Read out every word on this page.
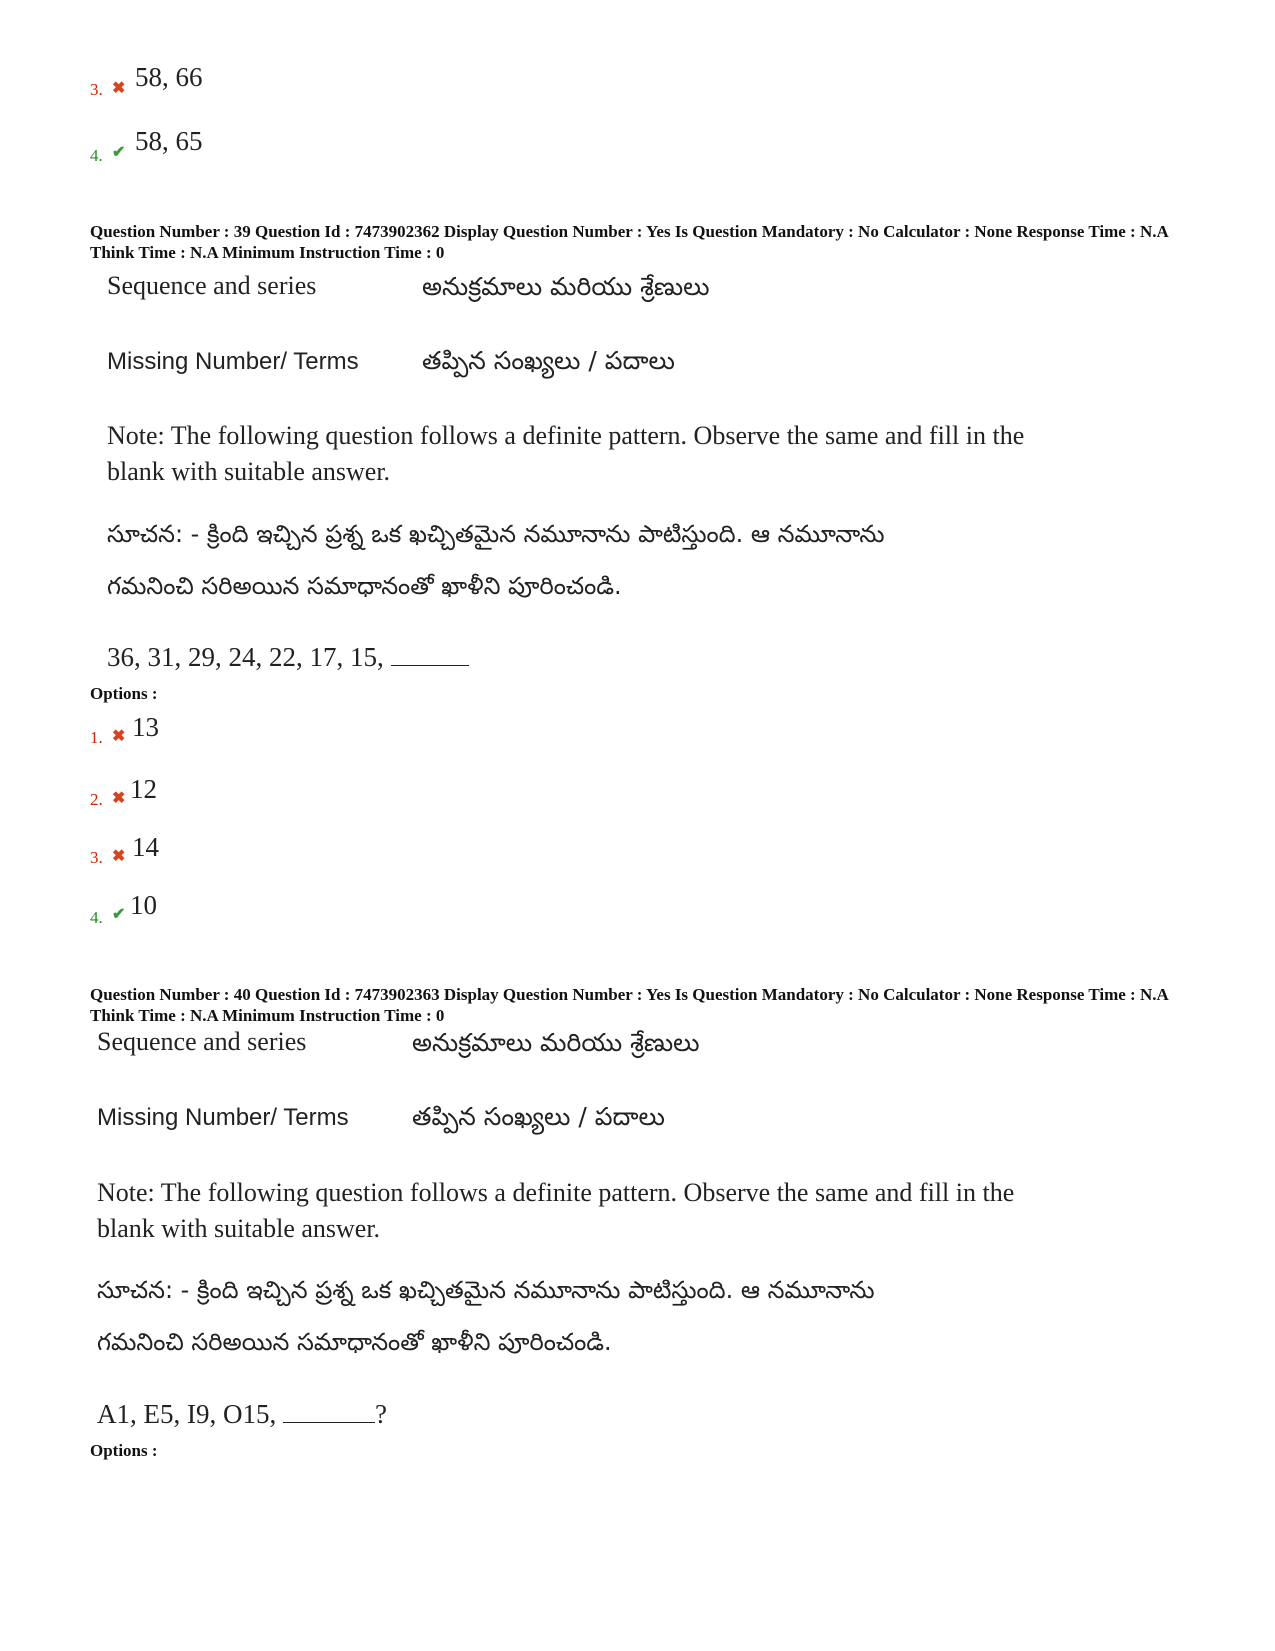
3. ✖ 58, 66
4. ✔ 58, 65
Question Number : 39 Question Id : 7473902362 Display Question Number : Yes Is Question Mandatory : No Calculator : None Response Time : N.A Think Time : N.A Minimum Instruction Time : 0
Sequence and series	అనుక్రమాలు మరియు శ్రేణులు
Missing Number/ Terms	తప్పిన సంఖ్యలు / పదాలు
Note: The following question follows a definite pattern. Observe the same and fill in the blank with suitable answer.
సూచన: - క్రింది ఇచ్చిన ప్రశ్న ఒక ఖచ్చితమైన నమూనాను పాటిస్తుంది. ఆ నమూనాను
గమనించి సరిఅయిన సమాధానంతో ఖాళీని పూరించండి.
36, 31, 29, 24, 22, 17, 15,
Options :
1. ✖ 13
2. ✖ 12
3. ✖ 14
4. ✔ 10
Question Number : 40 Question Id : 7473902363 Display Question Number : Yes Is Question Mandatory : No Calculator : None Response Time : N.A Think Time : N.A Minimum Instruction Time : 0
Sequence and series	అనుక్రమాలు మరియు శ్రేణులు
Missing Number/ Terms	తప్పిన సంఖ్యలు / పదాలు
Note: The following question follows a definite pattern. Observe the same and fill in the blank with suitable answer.
సూచన: - క్రింది ఇచ్చిన ప్రశ్న ఒక ఖచ్చితమైన నమూనాను పాటిస్తుంది. ఆ నమూనాను
గమనించి సరిఅయిన సమాధానంతో ఖాళీని పూరించండి.
A1, E5, I9, O15,	?
Options :
